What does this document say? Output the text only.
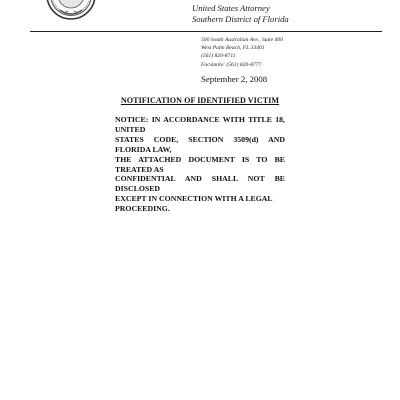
United States Attorney
Southern District of Florida
500 South Australian Ave., Suite 400
West Palm Beach, FL 33401
(561) 820-8711
Facsimile: (561) 820-8777
September 2, 2008
NOTIFICATION OF IDENTIFIED VICTIM
NOTICE: IN ACCORDANCE WITH TITLE 18, UNITED
STATES CODE, SECTION 3509(d) AND FLORIDA LAW,
THE ATTACHED DOCUMENT IS TO BE TREATED AS
CONFIDENTIAL AND SHALL NOT BE DISCLOSED
EXCEPT IN CONNECTION WITH A LEGAL
PROCEEDING.
